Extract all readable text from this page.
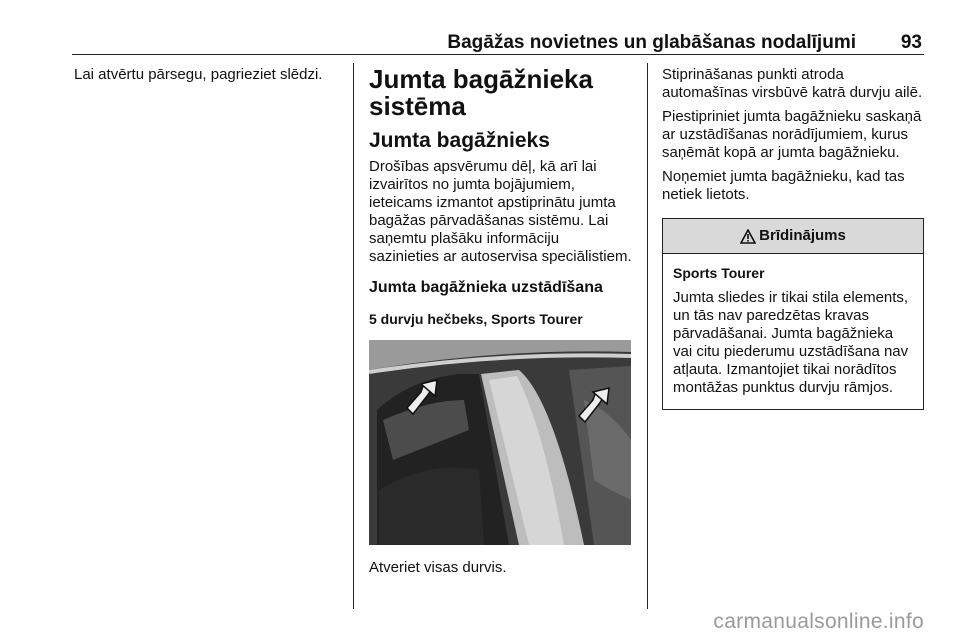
Bagāžas novietnes un glabāšanas nodalījumi 93

Lai atvērtu pārsegu, pagrieziet slēdzi.	Jumta bagāžnieka sistēma
Jumta bagāžnieks

Drošības apsvērumu dēļ, kā arī lai izvairītos no jumta bojājumiem, ieteicams izmantot apstiprinātu jumta bagāžas pārvadāšanas sistēmu. Lai saņemtu plašāku informāciju sazinieties ar autoservisa speciālistiem.

Jumta bagāžnieka uzstādīšana
5 durvju hečbeks, Sports Tourer

Atveriet visas durvis.

Stiprināšanas punkti atroda automašīnas virsbūvē katrā durvju ailē.

Piestipriniet jumta bagāžnieku saskaņā ar uzstādīšanas norādījumiem, kurus saņēmāt kopā ar jumta bagāžnieku.

Noņemiet jumta bagāžnieku, kad tas netiek lietots.

Brīdinājums
Sports Tourer

Jumta sliedes ir tikai stila elements, un tās nav paredzētas kravas pārvadāšanai. Jumta bagāžnieka vai citu piederumu uzstādīšana nav atļauta. Izmantojiet tikai norādītos montāžas punktus durvju rāmjos.

carmanualsonline.info
